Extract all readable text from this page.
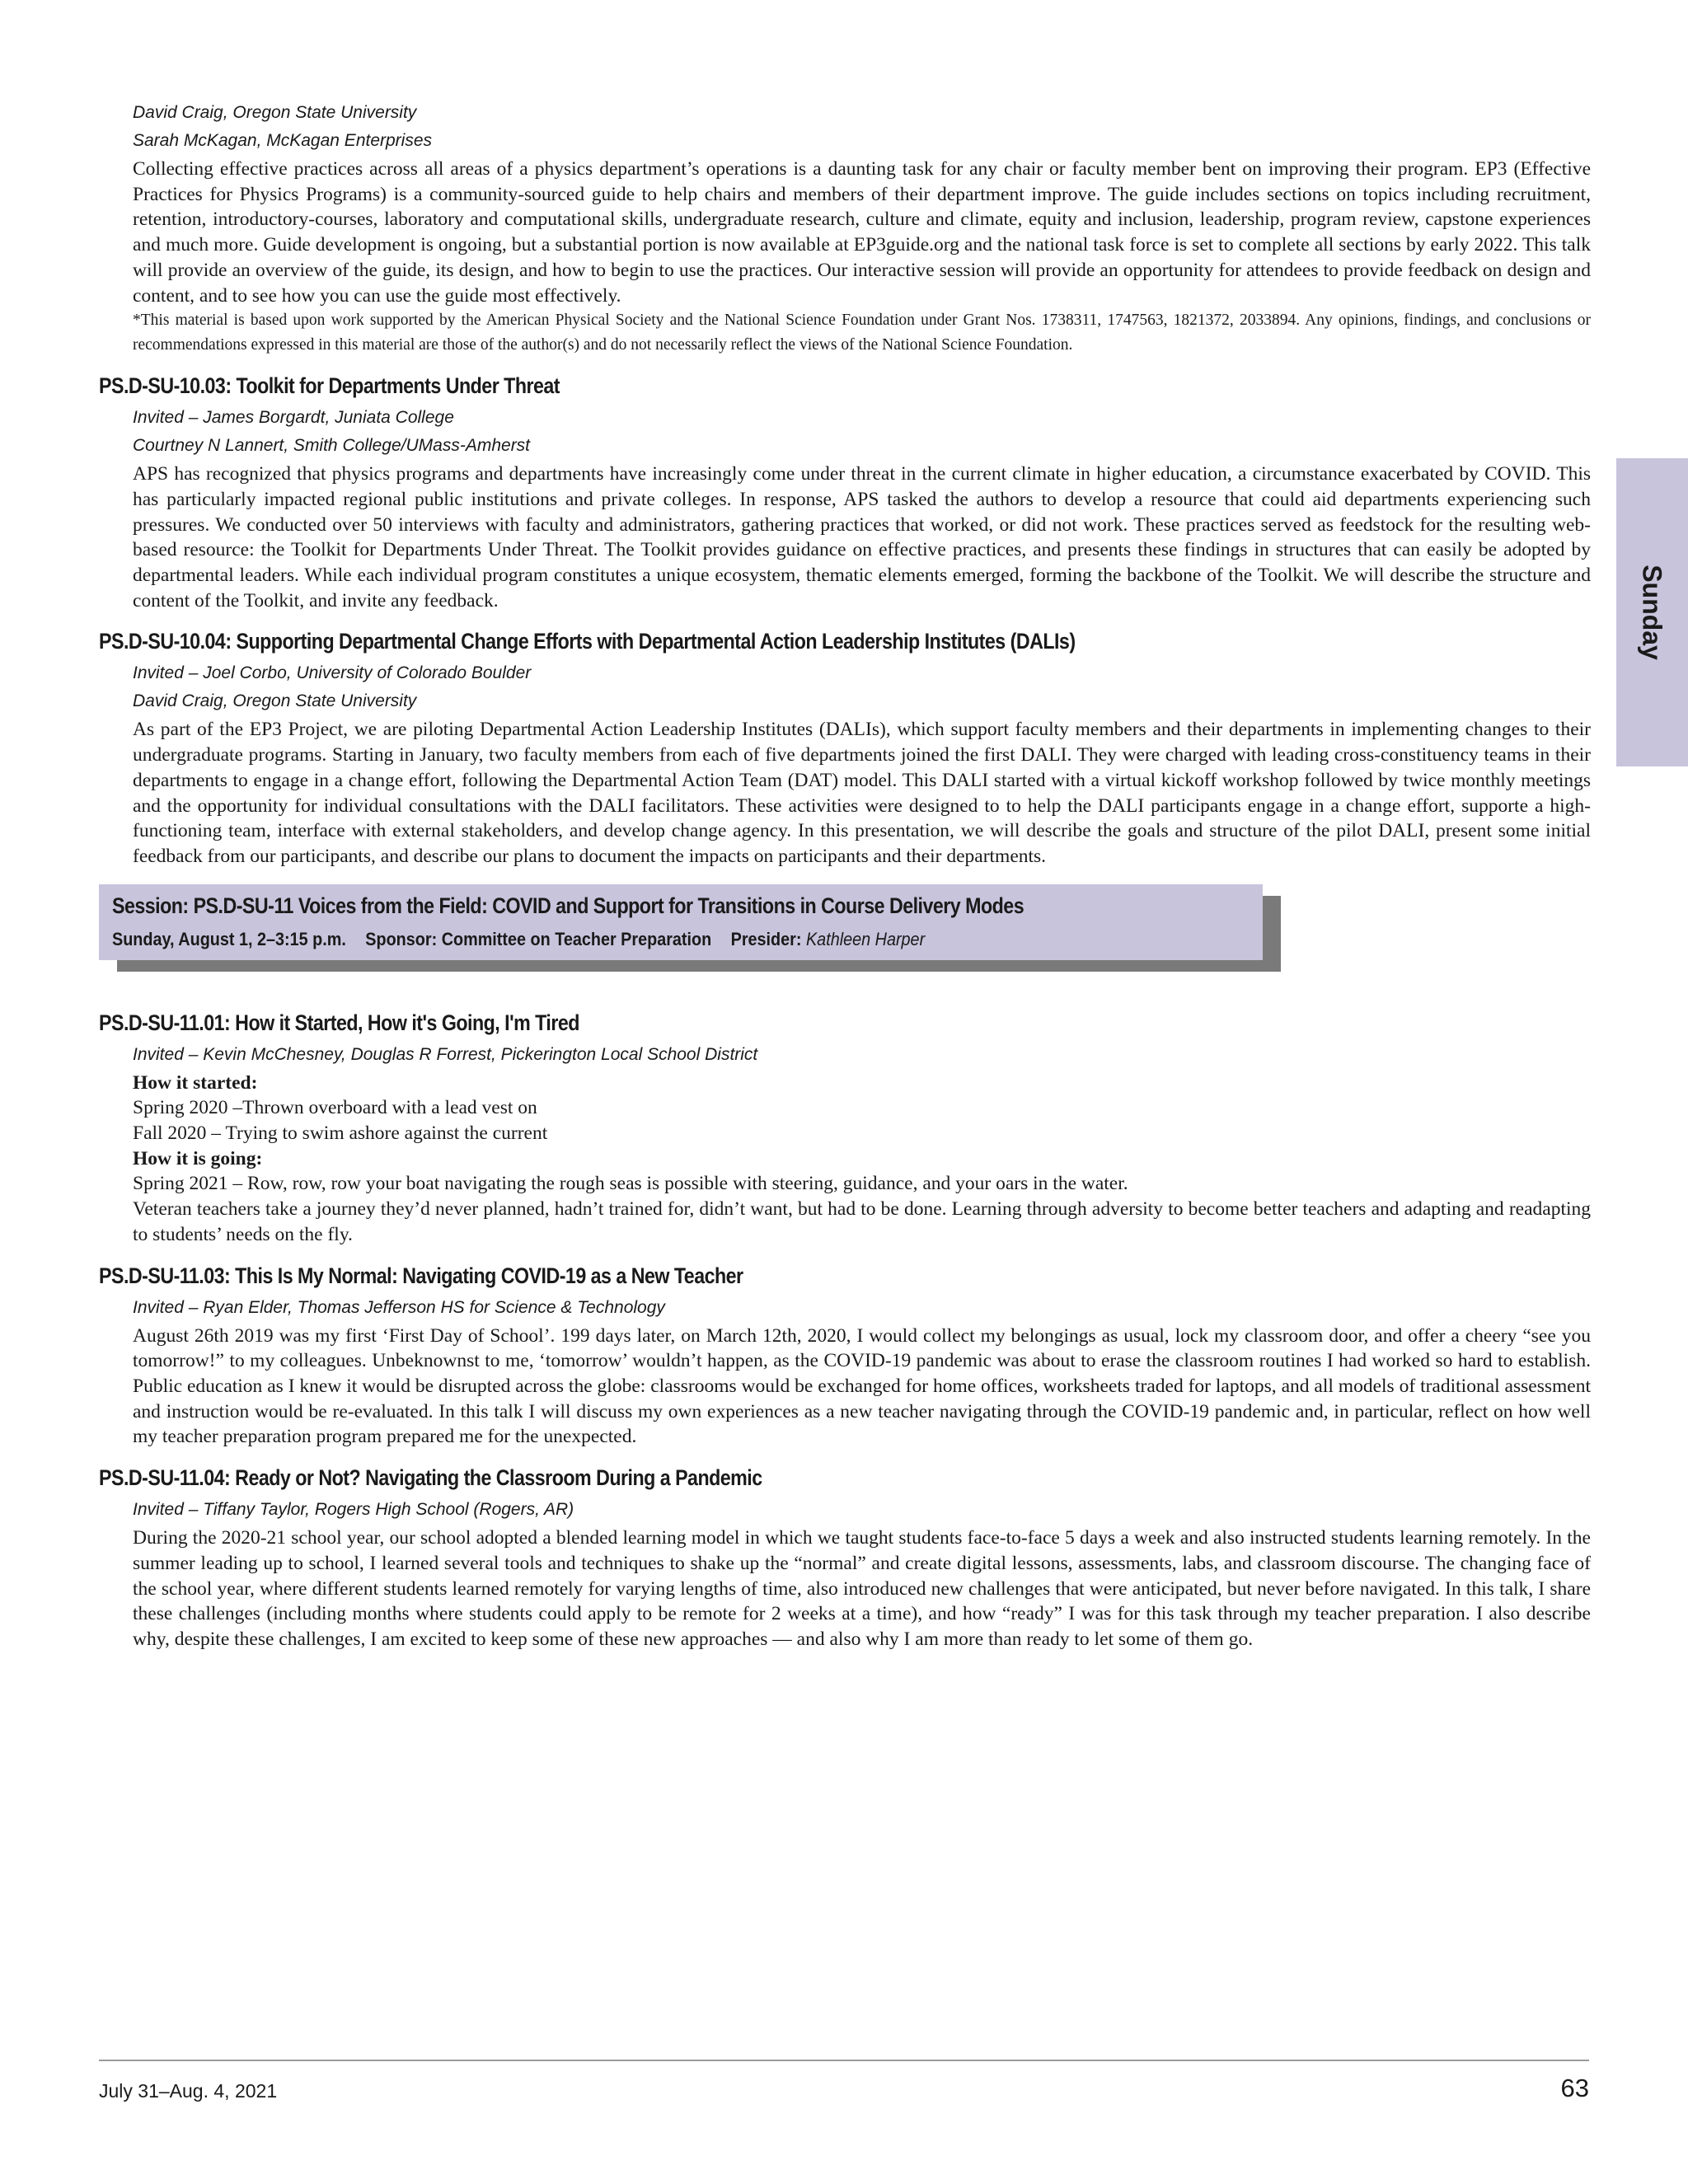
Sunday
David Craig, Oregon State University
Sarah McKagan, McKagan Enterprises
Collecting effective practices across all areas of a physics department’s operations is a daunting task for any chair or faculty member bent on improving their program. EP3 (Effective Practices for Physics Programs) is a community-sourced guide to help chairs and members of their department improve. The guide includes sections on topics including recruitment, retention, introductory-courses, laboratory and computational skills, undergraduate research, culture and climate, equity and inclusion, leadership, program review, capstone experiences and much more. Guide development is ongoing, but a substantial portion is now available at EP3guide.org and the national task force is set to complete all sections by early 2022. This talk will provide an overview of the guide, its design, and how to begin to use the practices. Our interactive session will provide an opportunity for attendees to provide feedback on design and content, and to see how you can use the guide most effectively.
*This material is based upon work supported by the American Physical Society and the National Science Foundation under Grant Nos. 1738311, 1747563, 1821372, 2033894. Any opinions, findings, and conclusions or recommendations expressed in this material are those of the author(s) and do not necessarily reflect the views of the National Science Foundation.
PS.D-SU-10.03: Toolkit for Departments Under Threat
Invited – James Borgardt, Juniata College
Courtney N Lannert, Smith College/UMass-Amherst
APS has recognized that physics programs and departments have increasingly come under threat in the current climate in higher education, a circumstance exacerbated by COVID. This has particularly impacted regional public institutions and private colleges. In response, APS tasked the authors to develop a resource that could aid departments experiencing such pressures. We conducted over 50 interviews with faculty and administrators, gathering practices that worked, or did not work. These practices served as feedstock for the resulting web-based resource: the Toolkit for Departments Under Threat. The Toolkit provides guidance on effective practices, and presents these findings in structures that can easily be adopted by departmental leaders. While each individual program constitutes a unique ecosystem, thematic elements emerged, forming the backbone of the Toolkit. We will describe the structure and content of the Toolkit, and invite any feedback.
PS.D-SU-10.04: Supporting Departmental Change Efforts with Departmental Action Leadership Institutes (DALIs)
Invited – Joel Corbo, University of Colorado Boulder
David Craig, Oregon State University
As part of the EP3 Project, we are piloting Departmental Action Leadership Institutes (DALIs), which support faculty members and their departments in implementing changes to their undergraduate programs. Starting in January, two faculty members from each of five departments joined the first DALI. They were charged with leading cross-constituency teams in their departments to engage in a change effort, following the Departmental Action Team (DAT) model. This DALI started with a virtual kickoff workshop followed by twice monthly meetings and the opportunity for individual consultations with the DALI facilitators. These activities were designed to to help the DALI participants engage in a change effort, supporte a high-functioning team, interface with external stakeholders, and develop change agency. In this presentation, we will describe the goals and structure of the pilot DALI, present some initial feedback from our participants, and describe our plans to document the impacts on participants and their departments.
Session: PS.D-SU-11 Voices from the Field: COVID and Support for Transitions in Course Delivery Modes
Sunday, August 1, 2–3:15 p.m. Sponsor: Committee on Teacher Preparation Presider: Kathleen Harper
PS.D-SU-11.01: How it Started, How it's Going, I'm Tired
Invited – Kevin McChesney, Douglas R Forrest, Pickerington Local School District
How it started:
Spring 2020 –Thrown overboard with a lead vest on
Fall 2020 – Trying to swim ashore against the current
How it is going:
Spring 2021 – Row, row, row your boat navigating the rough seas is possible with steering, guidance, and your oars in the water.
Veteran teachers take a journey they’d never planned, hadn’t trained for, didn’t want, but had to be done. Learning through adversity to become better teachers and adapting and readapting to students’ needs on the fly.
PS.D-SU-11.03: This Is My Normal: Navigating COVID-19 as a New Teacher
Invited – Ryan Elder, Thomas Jefferson HS for Science & Technology
August 26th 2019 was my first ‘First Day of School’. 199 days later, on March 12th, 2020, I would collect my belongings as usual, lock my classroom door, and offer a cheery “see you tomorrow!” to my colleagues. Unbeknownst to me, ‘tomorrow’ wouldn’t happen, as the COVID-19 pandemic was about to erase the classroom routines I had worked so hard to establish. Public education as I knew it would be disrupted across the globe: classrooms would be exchanged for home offices, worksheets traded for laptops, and all models of traditional assessment and instruction would be re-evaluated. In this talk I will discuss my own experiences as a new teacher navigating through the COVID-19 pandemic and, in particular, reflect on how well my teacher preparation program prepared me for the unexpected.
PS.D-SU-11.04: Ready or Not? Navigating the Classroom During a Pandemic
Invited – Tiffany Taylor, Rogers High School (Rogers, AR)
During the 2020-21 school year, our school adopted a blended learning model in which we taught students face-to-face 5 days a week and also instructed students learning remotely. In the summer leading up to school, I learned several tools and techniques to shake up the “normal” and create digital lessons, assessments, labs, and classroom discourse. The changing face of the school year, where different students learned remotely for varying lengths of time, also introduced new challenges that were anticipated, but never before navigated. In this talk, I share these challenges (including months where students could apply to be remote for 2 weeks at a time), and how “ready” I was for this task through my teacher preparation. I also describe why, despite these challenges, I am excited to keep some of these new approaches — and also why I am more than ready to let some of them go.
July 31–Aug. 4, 2021	63
